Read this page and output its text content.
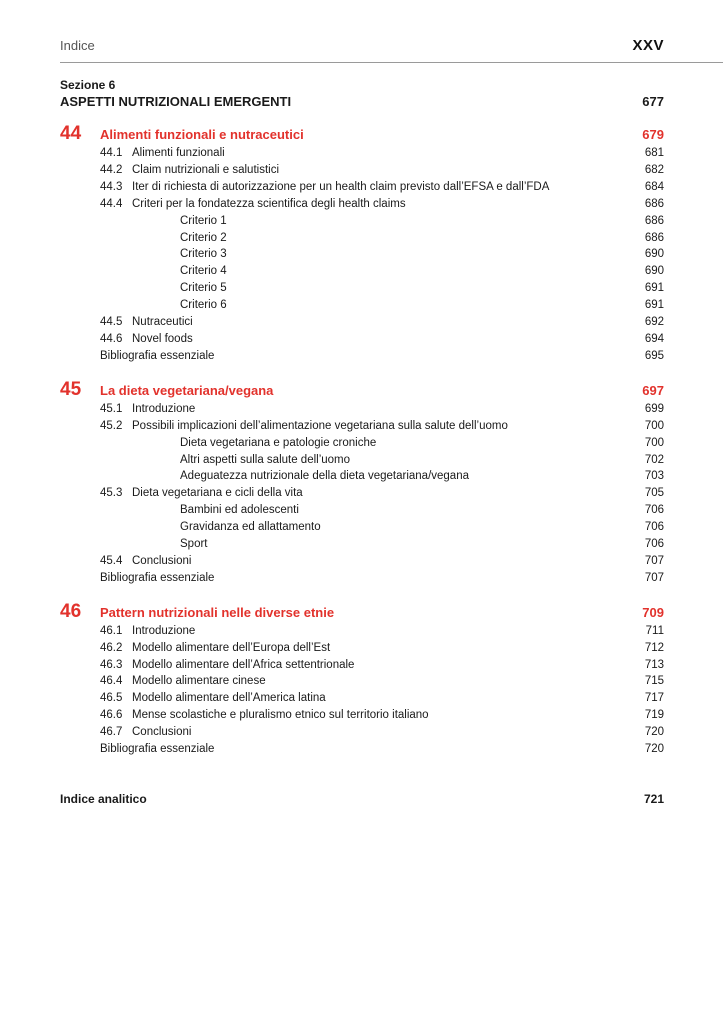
Indice	XXV
Sezione 6
ASPETTI NUTRIZIONALI EMERGENTI	677
44	Alimenti funzionali e nutraceutici	679
44.1 Alimenti funzionali	681
44.2 Claim nutrizionali e salutistici	682
44.3 Iter di richiesta di autorizzazione per un health claim previsto dall’EFSA e dall’FDA	684
44.4 Criteri per la fondatezza scientifica degli health claims	686
Criterio 1	686
Criterio 2	686
Criterio 3	690
Criterio 4	690
Criterio 5	691
Criterio 6	691
44.5 Nutraceutici	692
44.6 Novel foods	694
Bibliografia essenziale	695
45	La dieta vegetariana/vegana	697
45.1 Introduzione	699
45.2 Possibili implicazioni dell’alimentazione vegetariana sulla salute dell’uomo	700
Dieta vegetariana e patologie croniche	700
Altri aspetti sulla salute dell’uomo	702
Adeguatezza nutrizionale della dieta vegetariana/vegana	703
45.3 Dieta vegetariana e cicli della vita	705
Bambini ed adolescenti	706
Gravidanza ed allattamento	706
Sport	706
45.4 Conclusioni	707
Bibliografia essenziale	707
46	Pattern nutrizionali nelle diverse etnie	709
46.1 Introduzione	711
46.2 Modello alimentare dell’Europa dell’Est	712
46.3 Modello alimentare dell’Africa settentrionale	713
46.4 Modello alimentare cinese	715
46.5 Modello alimentare dell’America latina	717
46.6 Mense scolastiche e pluralismo etnico sul territorio italiano	719
46.7 Conclusioni	720
Bibliografia essenziale	720
Indice analitico	721
